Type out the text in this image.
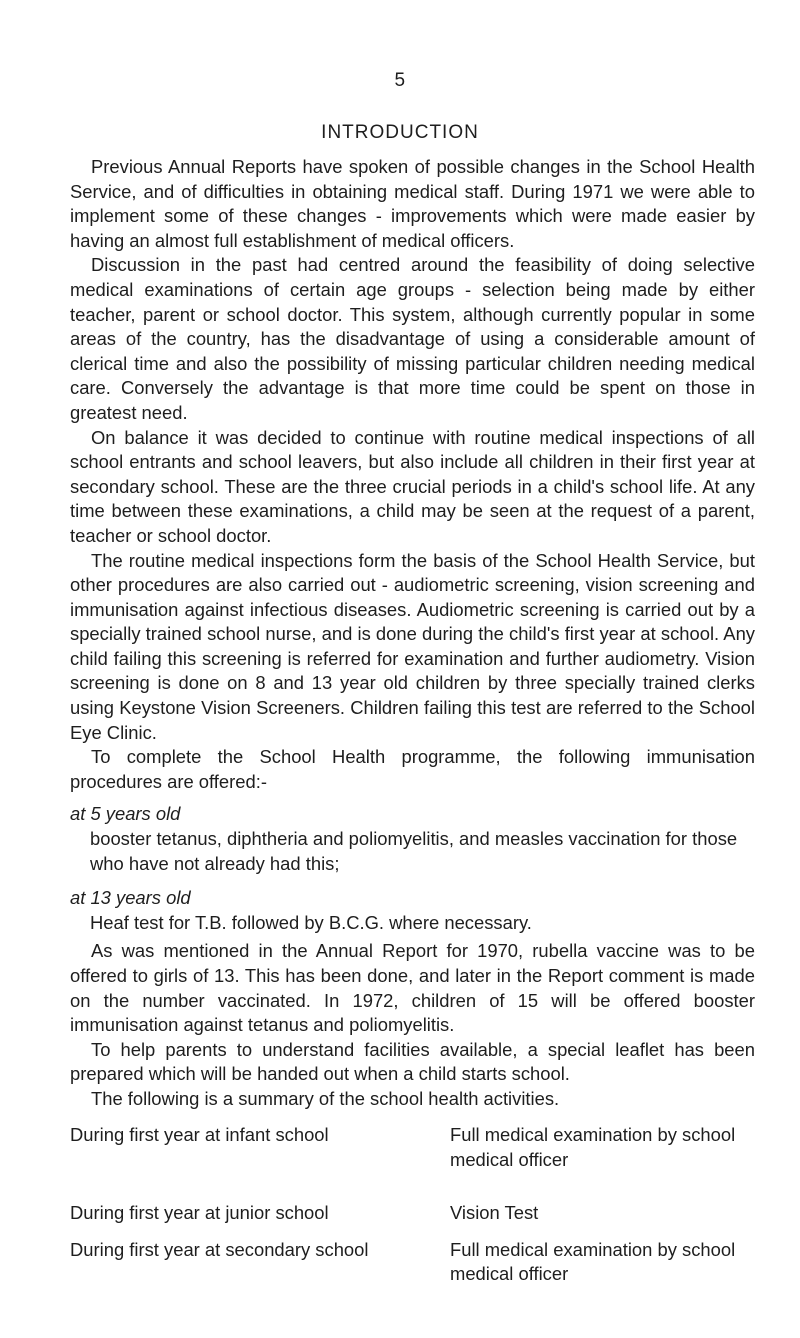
5
INTRODUCTION

Previous Annual Reports have spoken of possible changes in the School Health Service, and of difficulties in obtaining medical staff. During 1971 we were able to implement some of these changes - improvements which were made easier by having an almost full establishment of medical officers.

Discussion in the past had centred around the feasibility of doing selective medical examinations of certain age groups - selection being made by either teacher, parent or school doctor. This system, although currently popular in some areas of the country, has the disadvantage of using a considerable amount of clerical time and also the possibility of missing particular children needing medical care. Conversely the advantage is that more time could be spent on those in greatest need.

On balance it was decided to continue with routine medical inspections of all school entrants and school leavers, but also include all children in their first year at secondary school. These are the three crucial periods in a child's school life. At any time between these examinations, a child may be seen at the request of a parent, teacher or school doctor.

The routine medical inspections form the basis of the School Health Service, but other procedures are also carried out - audiometric screening, vision screening and immunisation against infectious diseases. Audiometric screening is carried out by a specially trained school nurse, and is done during the child's first year at school. Any child failing this screening is referred for examination and further audiometry. Vision screening is done on 8 and 13 year old children by three specially trained clerks using Keystone Vision Screeners. Children failing this test are referred to the School Eye Clinic.

To complete the School Health programme, the following immunisation procedures are offered:-

at 5 years old
booster tetanus, diphtheria and poliomyelitis, and measles vaccination for those who have not already had this;
at 13 years old
Heaf test for T.B. followed by B.C.G. where necessary.

As was mentioned in the Annual Report for 1970, rubella vaccine was to be offered to girls of 13. This has been done, and later in the Report comment is made on the number vaccinated. In 1972, children of 15 will be offered booster immunisation against tetanus and poliomyelitis.

To help parents to understand facilities available, a special leaflet has been prepared which will be handed out when a child starts school.

The following is a summary of the school health activities.

During first year at infant school	Full medical examination by school medical officer
During first year at junior school	Vision Test
During first year at secondary school	Full medical examination by school medical officer
